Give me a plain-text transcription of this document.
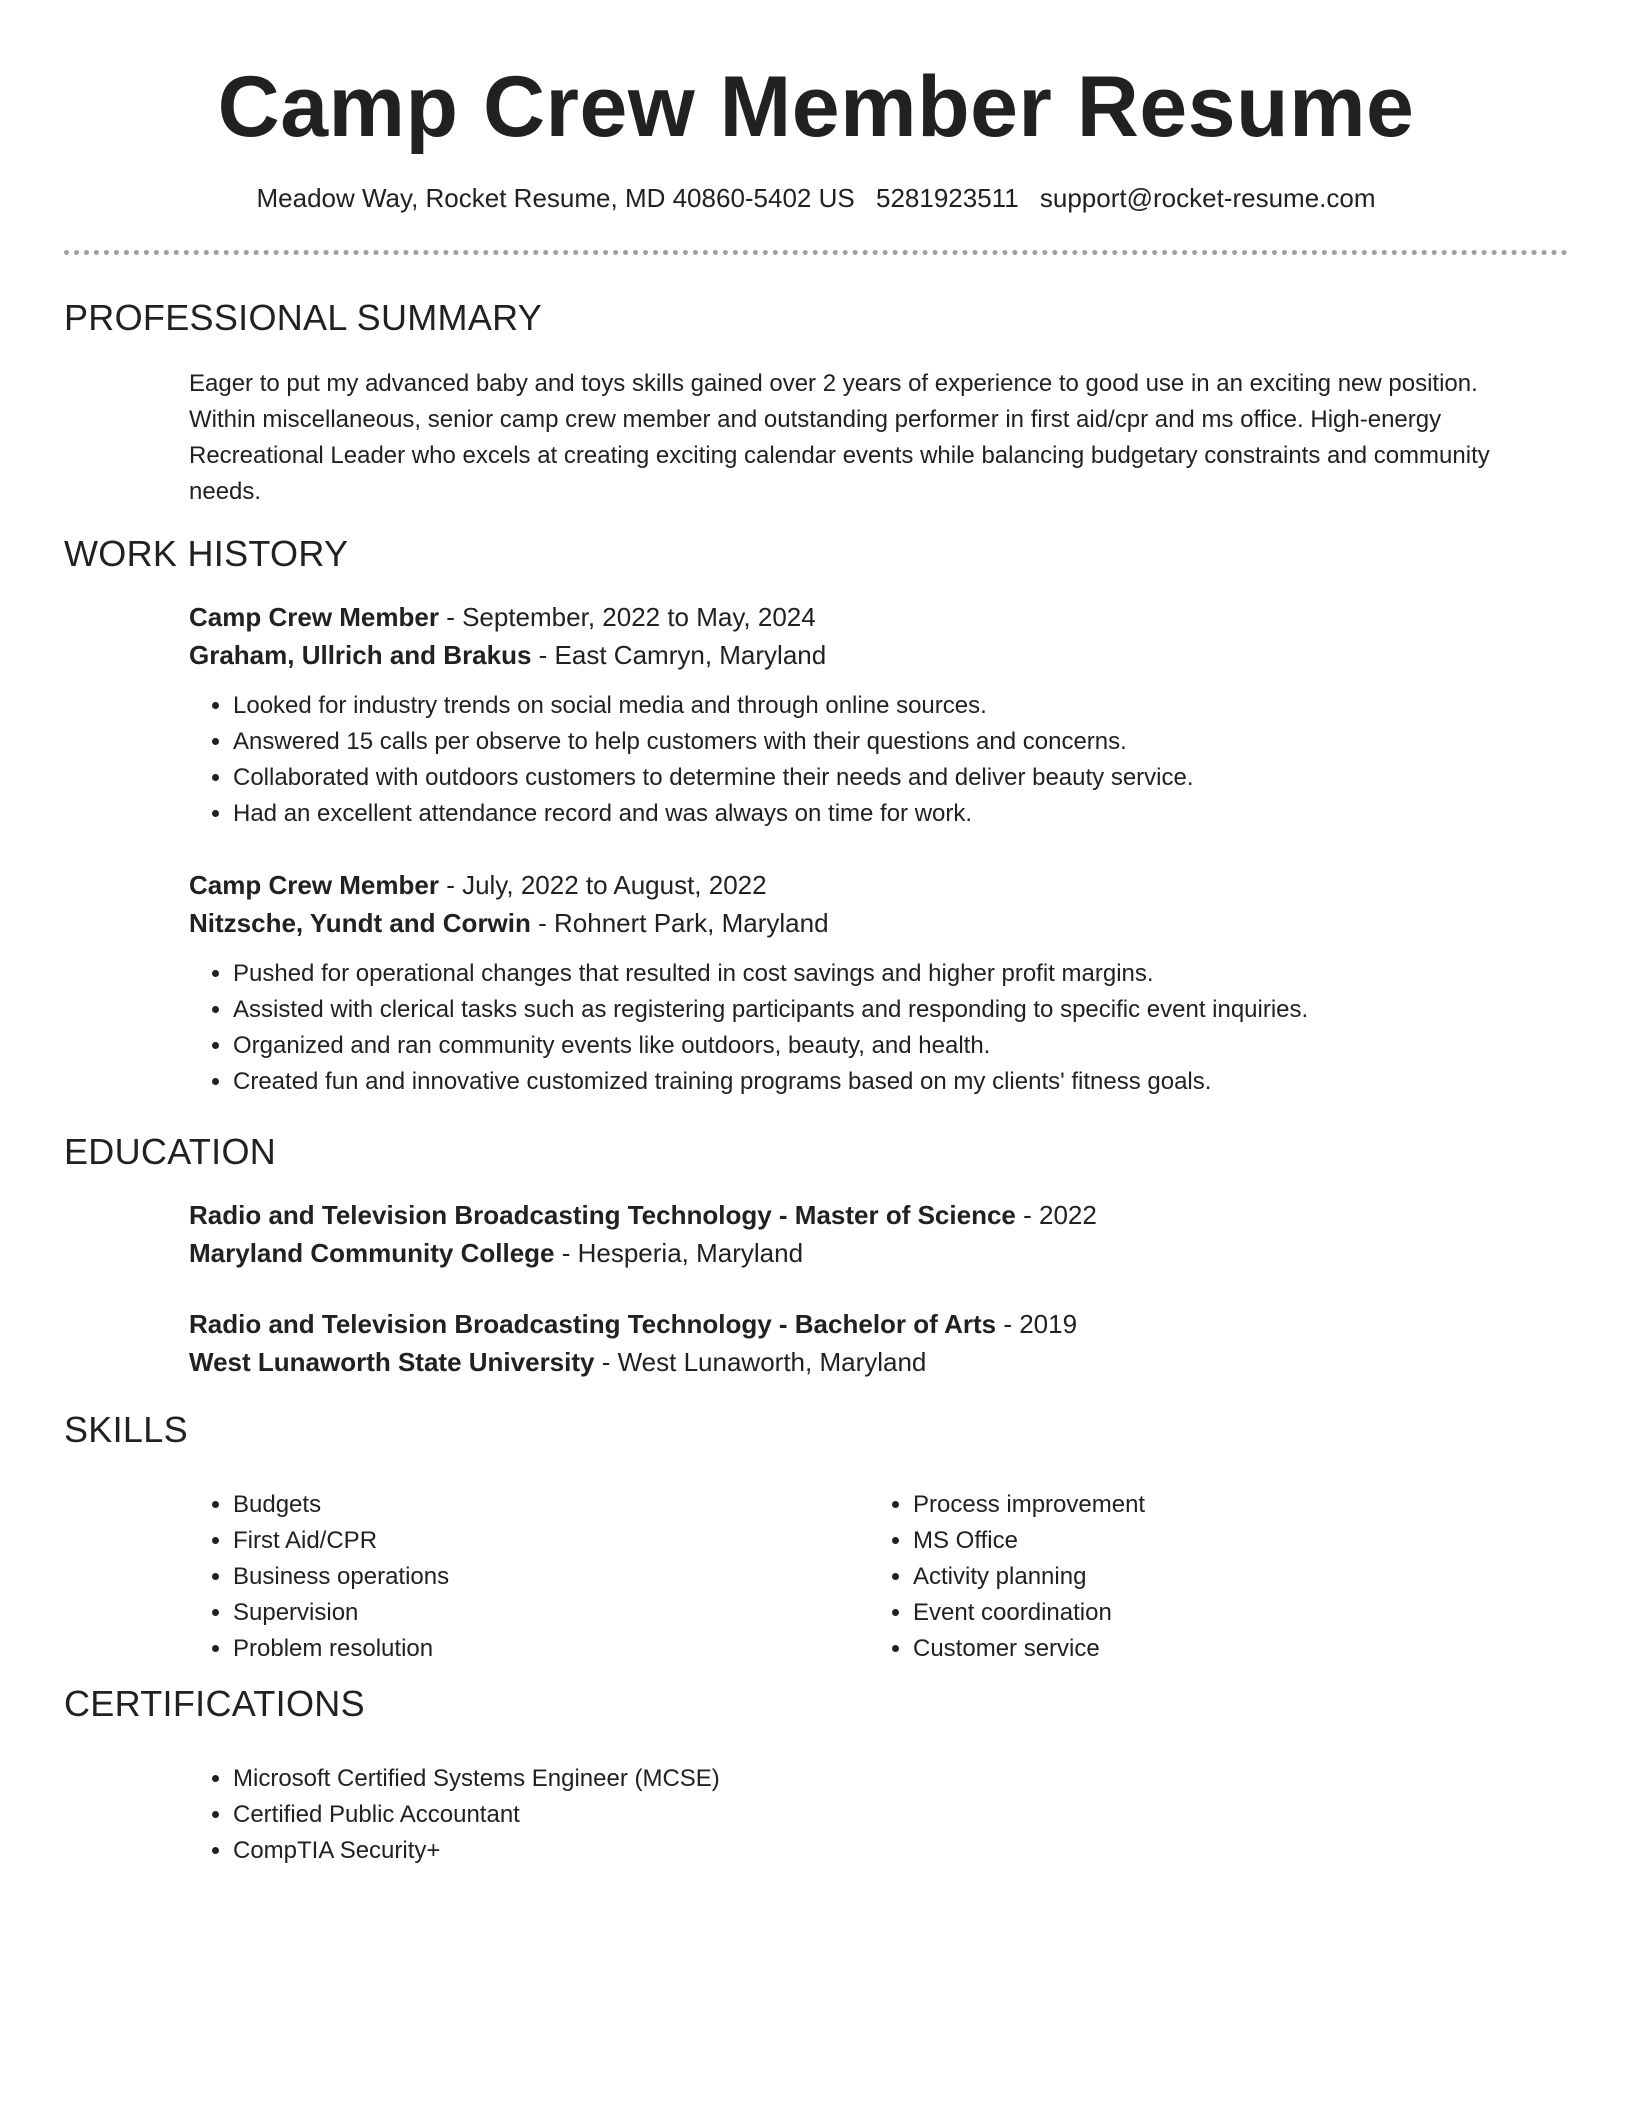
Camp Crew Member Resume
Meadow Way, Rocket Resume, MD 40860-5402 US 5281923511 support@rocket-resume.com
PROFESSIONAL SUMMARY

Eager to put my advanced baby and toys skills gained over 2 years of experience to good use in an exciting new position. Within miscellaneous, senior camp crew member and outstanding performer in first aid/cpr and ms office. High-energy Recreational Leader who excels at creating exciting calendar events while balancing budgetary constraints and community needs.

WORK HISTORY
Camp Crew Member - September, 2022 to May, 2024
Graham, Ullrich and Brakus - East Camryn, Maryland
• Looked for industry trends on social media and through online sources.
• Answered 15 calls per observe to help customers with their questions and concerns.
• Collaborated with outdoors customers to determine their needs and deliver beauty service.
• Had an excellent attendance record and was always on time for work.
Camp Crew Member - July, 2022 to August, 2022
Nitzsche, Yundt and Corwin - Rohnert Park, Maryland
• Pushed for operational changes that resulted in cost savings and higher profit margins.
• Assisted with clerical tasks such as registering participants and responding to specific event inquiries.
• Organized and ran community events like outdoors, beauty, and health.
• Created fun and innovative customized training programs based on my clients' fitness goals.
EDUCATION
Radio and Television Broadcasting Technology - Master of Science - 2022
Maryland Community College - Hesperia, Maryland
Radio and Television Broadcasting Technology - Bachelor of Arts - 2019
West Lunaworth State University - West Lunaworth, Maryland
SKILLS
• Budgets
• First Aid/CPR
• Business operations
• Supervision
• Problem resolution
• Process improvement
• MS Office
• Activity planning
• Event coordination
• Customer service
CERTIFICATIONS
• Microsoft Certified Systems Engineer (MCSE)
• Certified Public Accountant
• CompTIA Security+
